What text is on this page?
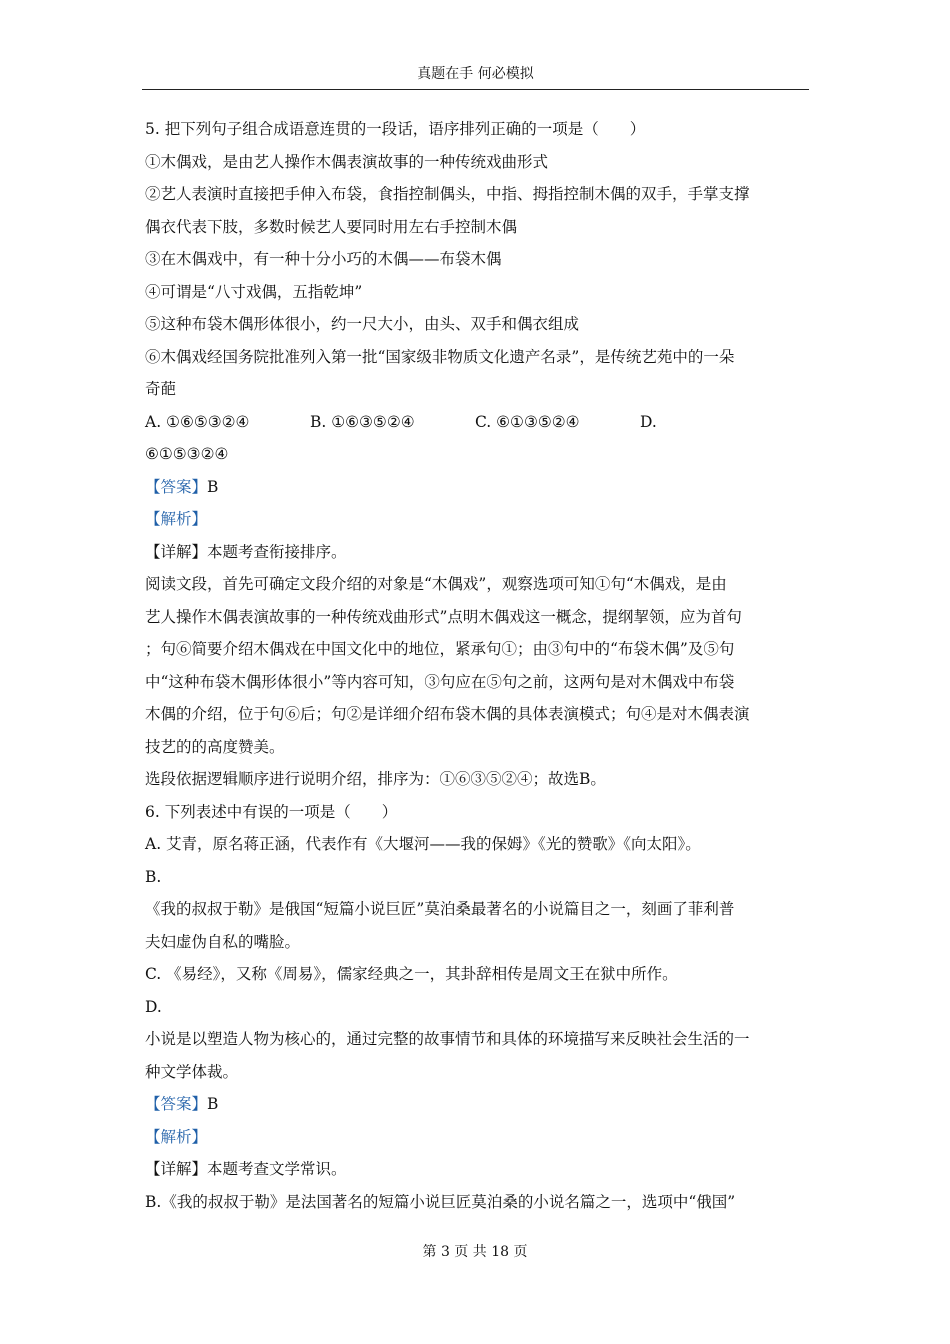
真题在手 何必模拟

5. 把下列句子组合成语意连贯的一段话，语序排列正确的一项是（　　）

①木偶戏，是由艺人操作木偶表演故事的一种传统戏曲形式

②艺人表演时直接把手伸入布袋，食指控制偶头，中指、拇指控制木偶的双手，手掌支撑

偶衣代表下肢，多数时候艺人要同时用左右手控制木偶

③在木偶戏中，有一种十分小巧的木偶——布袋木偶

④可谓是“八寸戏偶，五指乾坤”

⑤这种布袋木偶形体很小，约一尺大小，由头、双手和偶衣组成

⑥木偶戏经国务院批准列入第一批“国家级非物质文化遗产名录”，是传统艺苑中的一朵

奇葩

A. ①⑥⑤③②④	B. ①⑥③⑤②④	C. ⑥①③⑤②④	D.

⑥①⑤③②④

【答案】B

【解析】

【详解】本题考查衔接排序。

阅读文段，首先可确定文段介绍的对象是“木偶戏”，观察选项可知①句“木偶戏，是由

艺人操作木偶表演故事的一种传统戏曲形式”点明木偶戏这一概念，提纲挈领，应为首句

；句⑥简要介绍木偶戏在中国文化中的地位，紧承句①；由③句中的“布袋木偶”及⑤句

中“这种布袋木偶形体很小”等内容可知，③句应在⑤句之前，这两句是对木偶戏中布袋

木偶的介绍，位于句⑥后；句②是详细介绍布袋木偶的具体表演模式；句④是对木偶表演

技艺的的高度赞美。

选段依据逻辑顺序进行说明介绍，排序为：①⑥③⑤②④；故选B。

6. 下列表述中有误的一项是（　　）

A. 艾青，原名蒋正涵，代表作有《大堰河——我的保姆》《光的赞歌》《向太阳》。

B.

《我的叔叔于勒》是俄国“短篇小说巨匠”莫泊桑最著名的小说篇目之一，刻画了菲利普

夫妇虚伪自私的嘴脸。

C. 《易经》，又称《周易》，儒家经典之一，其卦辞相传是周文王在狱中所作。

D.

小说是以塑造人物为核心的，通过完整的故事情节和具体的环境描写来反映社会生活的一

种文学体裁。

【答案】B

【解析】

【详解】本题考查文学常识。

B.《我的叔叔于勒》是法国著名的短篇小说巨匠莫泊桑的小说名篇之一，选项中“俄国”

第 3 页 共 18 页
